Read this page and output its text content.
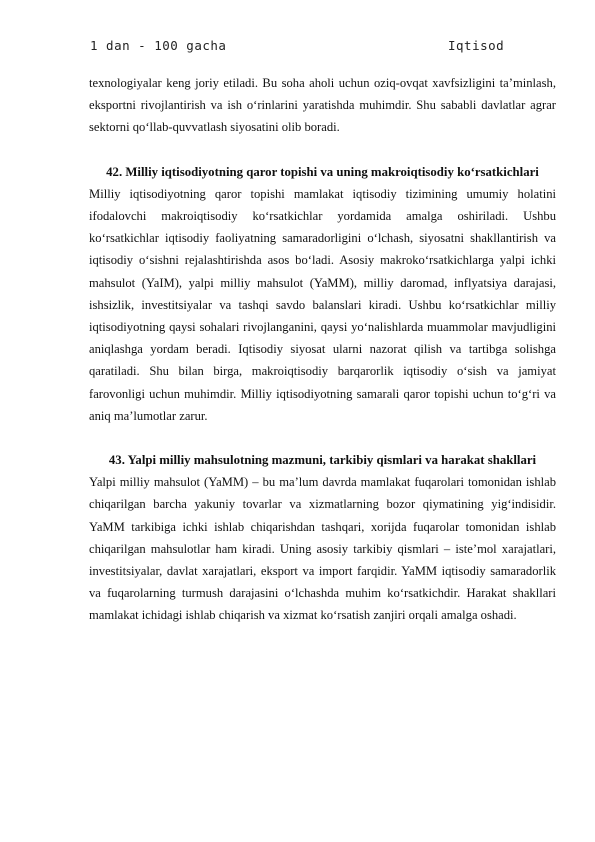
1 dan - 100 gacha	Iqtisod

texnologiyalar keng joriy etiladi. Bu soha aholi uchun oziq-ovqat xavfsizligini ta’minlash, eksportni rivojlantirish va ish o‘rinlarini yaratishda muhimdir. Shu sababli davlatlar agrar sektorni qo‘llab-quvvatlash siyosatini olib boradi.

42. Milliy iqtisodiyotning qaror topishi va uning makroiqtisodiy ko‘rsatkichlari

Milliy iqtisodiyotning qaror topishi mamlakat iqtisodiy tizimining umumiy holatini ifodalovchi makroiqtisodiy ko‘rsatkichlar yordamida amalga oshiriladi. Ushbu ko‘rsatkichlar iqtisodiy faoliyatning samaradorligini o‘lchash, siyosatni shakllantirish va iqtisodiy o‘sishni rejalashtirishda asos bo‘ladi. Asosiy makroko‘rsatkichlarga yalpi ichki mahsulot (YaIM), yalpi milliy mahsulot (YaMM), milliy daromad, inflyatsiya darajasi, ishsizlik, investitsiyalar va tashqi savdo balanslari kiradi. Ushbu ko‘rsatkichlar milliy iqtisodiyotning qaysi sohalari rivojlanganini, qaysi yo‘nalishlarda muammolar mavjudligini aniqlashga yordam beradi. Iqtisodiy siyosat ularni nazorat qilish va tartibga solishga qaratiladi. Shu bilan birga, makroiqtisodiy barqarorlik iqtisodiy o‘sish va jamiyat farovonligi uchun muhimdir. Milliy iqtisodiyotning samarali qaror topishi uchun to‘g‘ri va aniq ma’lumotlar zarur.

43. Yalpi milliy mahsulotning mazmuni, tarkibiy qismlari va harakat shakllari

Yalpi milliy mahsulot (YaMM) – bu ma’lum davrda mamlakat fuqarolari tomonidan ishlab chiqarilgan barcha yakuniy tovarlar va xizmatlarning bozor qiymatining yig‘indisidir. YaMM tarkibiga ichki ishlab chiqarishdan tashqari, xorijda fuqarolar tomonidan ishlab chiqarilgan mahsulotlar ham kiradi. Uning asosiy tarkibiy qismlari – iste’mol xarajatlari, investitsiyalar, davlat xarajatlari, eksport va import farqidir. YaMM iqtisodiy samaradorlik va fuqarolarning turmush darajasini o‘lchashda muhim ko‘rsatkichdir. Harakat shakllari mamlakat ichidagi ishlab chiqarish va xizmat ko‘rsatish zanjiri orqali amalga oshadi.
